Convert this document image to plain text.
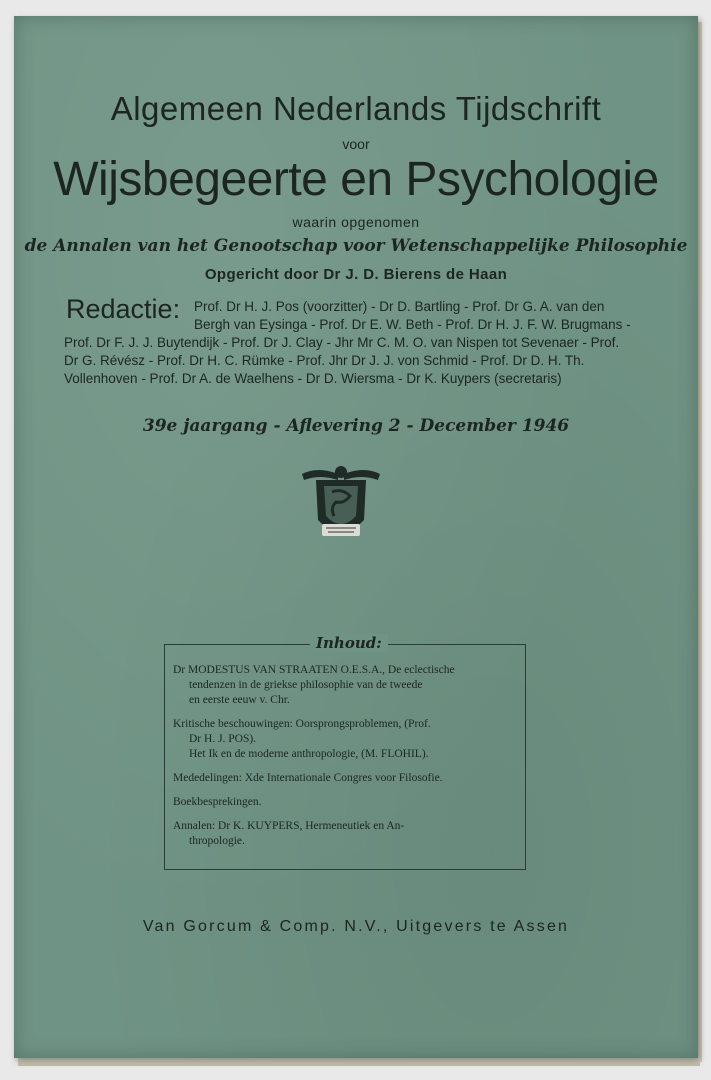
Algemeen Nederlands Tijdschrift
voor
Wijsbegeerte en Psychologie
waarin opgenomen
de Annalen van het Genootschap voor Wetenschappelijke Philosophie
Opgericht door Dr J. D. Bierens de Haan
Redactie: Prof. Dr H. J. Pos (voorzitter) - Dr D. Bartling - Prof. Dr G. A. van den
Bergh van Eysinga - Prof. Dr E. W. Beth - Prof. Dr H. J. F. W. Brugmans -
Prof. Dr F. J. J. Buytendijk - Prof. Dr J. Clay - Jhr Mr C. M. O. van Nispen tot Sevenaer - Prof.
Dr G. Révész - Prof. Dr H. C. Rümke - Prof. Jhr Dr J. J. von Schmid - Prof. Dr D. H. Th.
Vollenhoven - Prof. Dr A. de Waelhens - Dr D. Wiersma - Dr K. Kuypers (secretaris)
39e jaargang - Aflevering 2 - December 1946
Dr MODESTUS VAN STRAATEN O.E.S.A., De eclectische
tendenzen in de griekse philosophie van de tweede
en eerste eeuw v. Chr.
Kritische beschouwingen: Oorsprongsproblemen, (Prof.
Dr H. J. POS).
Het Ik en de moderne anthropologie, (M. FLOHIL).
Mededelingen: Xde Internationale Congres voor Filosofie.
Boekbesprekingen.
Annalen: Dr K. KUYPERS, Hermeneutiek en An-
thropologie.
Inhoud:
Van Gorcum & Comp. N.V., Uitgevers te Assen
